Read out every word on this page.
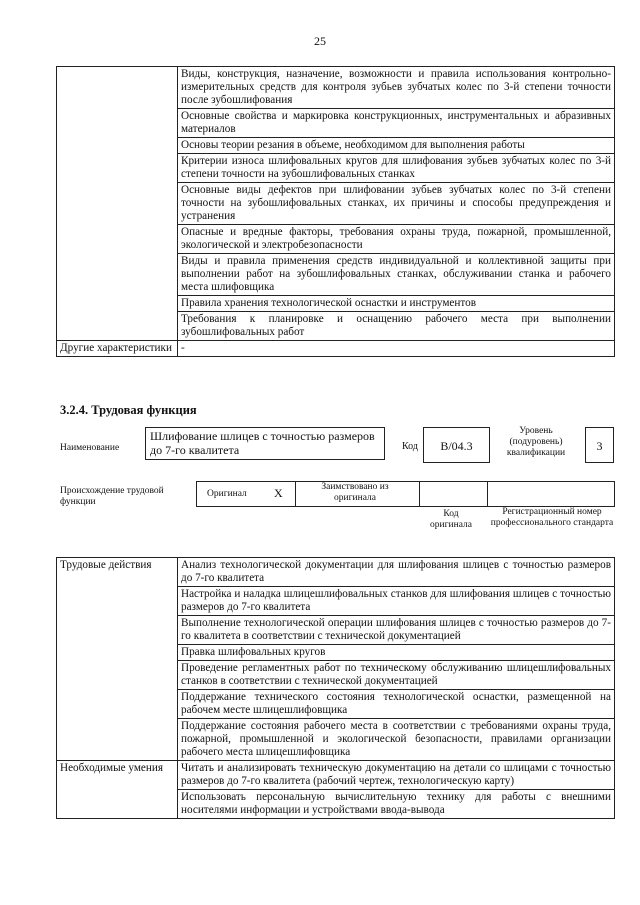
25
	Виды, конструкция, назначение, возможности и правила использования контрольно-измерительных средств для контроля зубьев зубчатых колес по 3-й степени точности после зубошлифования
	Основные свойства и маркировка конструкционных, инструментальных и абразивных материалов
	Основы теории резания в объеме, необходимом для выполнения работы
	Критерии износа шлифовальных кругов для шлифования зубьев зубчатых колес по 3-й степени точности на зубошлифовальных станках
	Основные виды дефектов при шлифовании зубьев зубчатых колес по 3-й степени точности на зубошлифовальных станках, их причины и способы предупреждения и устранения
	Опасные и вредные факторы, требования охраны труда, пожарной, промышленной, экологической и электробезопасности
	Виды и правила применения средств индивидуальной и коллективной защиты при выполнении работ на зубошлифовальных станках, обслуживании станка и рабочего места шлифовщика
	Правила хранения технологической оснастки и инструментов
	Требования к планировке и оснащению рабочего места при выполнении зубошлифовальных работ
Другие характеристики	-
3.2.4. Трудовая функция
Наименование
Шлифование шлицев с точностью размеров до 7-го квалитета	Код	B/04.3
Уровень (подуровень) квалификации	3
Происхождение трудовой функции
Оригинал X	Заимствовано из оригинала
Код оригинала
Регистрационный номер профессионального стандарта
Трудовые действия	Анализ технологической документации для шлифования шлицев с точностью размеров до 7-го квалитета
	Настройка и наладка шлицешлифовальных станков для шлифования шлицев с точностью размеров до 7-го квалитета
	Выполнение технологической операции шлифования шлицев с точностью размеров до 7-го квалитета в соответствии с технической документацией
	Правка шлифовальных кругов
	Проведение регламентных работ по техническому обслуживанию шлицешлифовальных станков в соответствии с технической документацией
	Поддержание технического состояния технологической оснастки, размещенной на рабочем месте шлицешлифовщика
	Поддержание состояния рабочего места в соответствии с требованиями охраны труда, пожарной, промышленной и экологической безопасности, правилами организации рабочего места шлицешлифовщика
Необходимые умения	Читать и анализировать техническую документацию на детали со шлицами с точностью размеров до 7-го квалитета (рабочий чертеж, технологическую карту)
	Использовать персональную вычислительную технику для работы с внешними носителями информации и устройствами ввода-вывода
